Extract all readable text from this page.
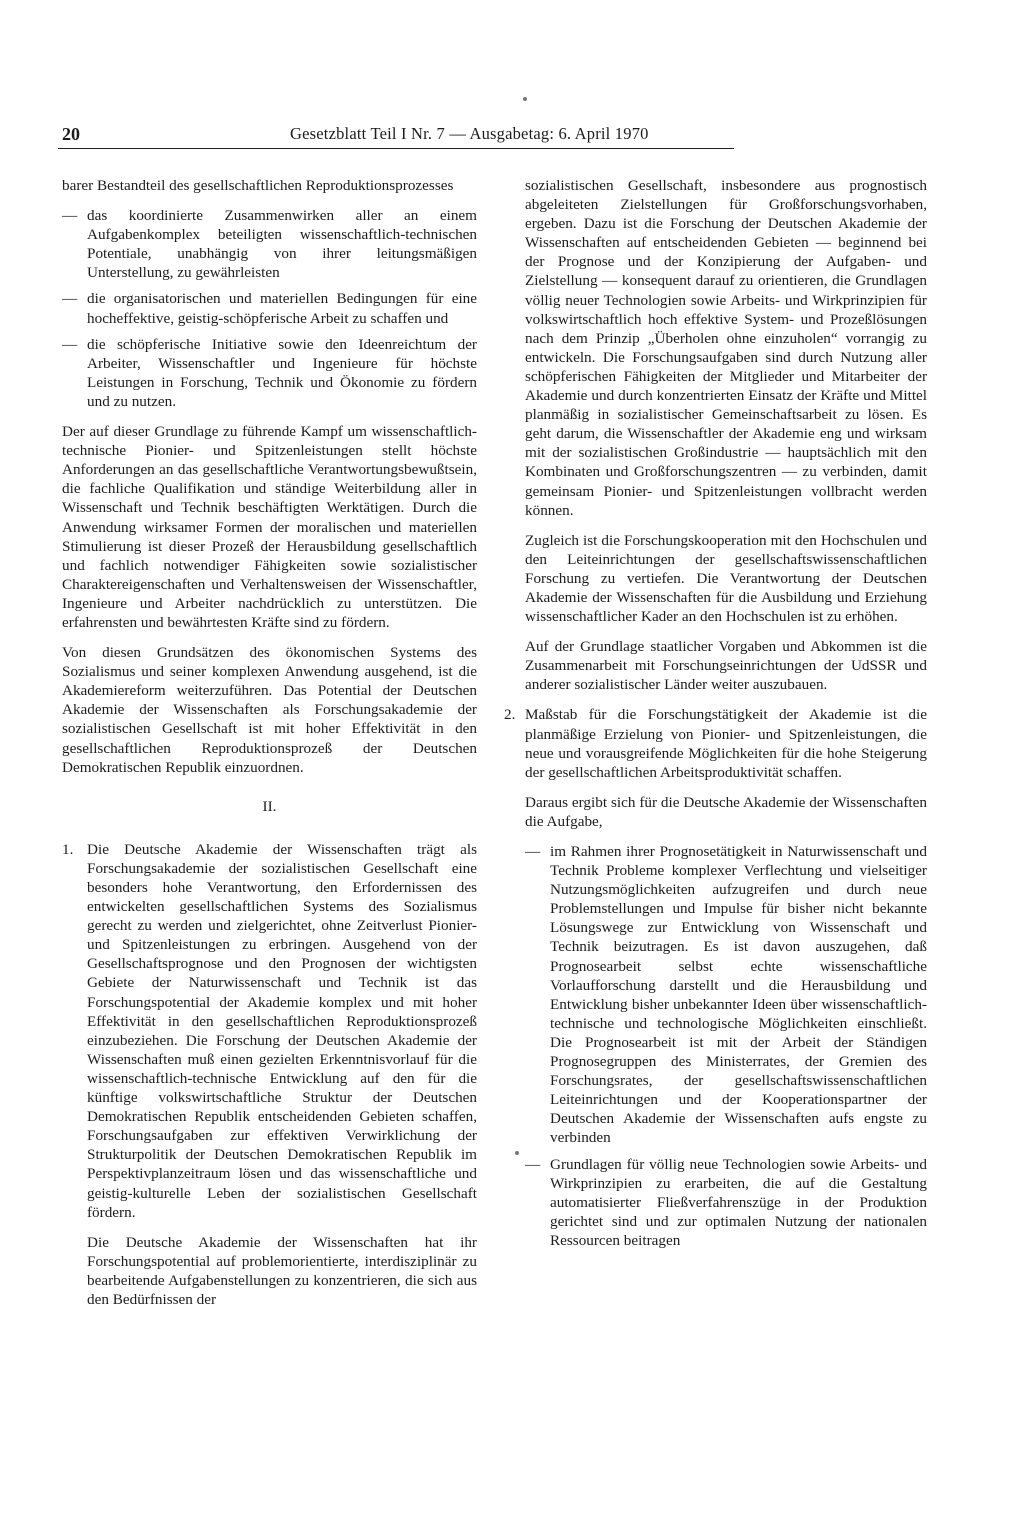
20	Gesetzblatt Teil I Nr. 7 — Ausgabetag: 6. April 1970

barer Bestandteil des gesellschaftlichen Reproduktionsprozesses

— das koordinierte Zusammenwirken aller an einem Aufgabenkomplex beteiligten wissenschaftlich-technischen Potentiale, unabhängig von ihrer leitungsmäßigen Unterstellung, zu gewährleisten
— die organisatorischen und materiellen Bedingungen für eine hocheffektive, geistig-schöpferische Arbeit zu schaffen und
— die schöpferische Initiative sowie den Ideenreichtum der Arbeiter, Wissenschaftler und Ingenieure für höchste Leistungen in Forschung, Technik und Ökonomie zu fördern und zu nutzen.

Der auf dieser Grundlage zu führende Kampf um wissenschaftlich-technische Pionier- und Spitzenleistungen stellt höchste Anforderungen an das gesellschaftliche Verantwortungsbewußtsein, die fachliche Qualifikation und ständige Weiterbildung aller in Wissenschaft und Technik beschäftigten Werktätigen. Durch die Anwendung wirksamer Formen der moralischen und materiellen Stimulierung ist dieser Prozeß der Herausbildung gesellschaftlich und fachlich notwendiger Fähigkeiten sowie sozialistischer Charaktereigenschaften und Verhaltensweisen der Wissenschaftler, Ingenieure und Arbeiter nachdrücklich zu unterstützen. Die erfahrensten und bewährtesten Kräfte sind zu fördern.

Von diesen Grundsätzen des ökonomischen Systems des Sozialismus und seiner komplexen Anwendung ausgehend, ist die Akademiereform weiterzuführen. Das Potential der Deutschen Akademie der Wissenschaften als Forschungsakademie der sozialistischen Gesellschaft ist mit hoher Effektivität in den gesellschaftlichen Reproduktionsprozeß der Deutschen Demokratischen Republik einzuordnen.

II.
1. Die Deutsche Akademie der Wissenschaften trägt als Forschungsakademie der sozialistischen Gesellschaft eine besonders hohe Verantwortung, den Erfordernissen des entwickelten gesellschaftlichen Systems des Sozialismus gerecht zu werden und zielgerichtet, ohne Zeitverlust Pionier- und Spitzenleistungen zu erbringen. Ausgehend von der Gesellschaftsprognose und den Prognosen der wichtigsten Gebiete der Naturwissenschaft und Technik ist das Forschungspotential der Akademie komplex und mit hoher Effektivität in den gesellschaftlichen Reproduktionsprozeß einzubeziehen. Die Forschung der Deutschen Akademie der Wissenschaften muß einen gezielten Erkenntnisvorlauf für die wissenschaftlich-technische Entwicklung auf den für die künftige volkswirtschaftliche Struktur der Deutschen Demokratischen Republik entscheidenden Gebieten schaffen, Forschungsaufgaben zur effektiven Verwirklichung der Strukturpolitik der Deutschen Demokratischen Republik im Perspektivplanzeitraum lösen und das wissenschaftliche und geistig-kulturelle Leben der sozialistischen Gesellschaft fördern.

Die Deutsche Akademie der Wissenschaften hat ihr Forschungspotential auf problemorientierte, interdisziplinär zu bearbeitende Aufgabenstellungen zu konzentrieren, die sich aus den Bedürfnissen der

sozialistischen Gesellschaft, insbesondere aus prognostisch abgeleiteten Zielstellungen für Großforschungsvorhaben, ergeben. Dazu ist die Forschung der Deutschen Akademie der Wissenschaften auf entscheidenden Gebieten — beginnend bei der Prognose und der Konzipierung der Aufgaben- und Zielstellung — konsequent darauf zu orientieren, die Grundlagen völlig neuer Technologien sowie Arbeits- und Wirkprinzipien für volkswirtschaftlich hoch effektive System- und Prozeßlösungen nach dem Prinzip „Überholen ohne einzuholen“ vorrangig zu entwickeln. Die Forschungsaufgaben sind durch Nutzung aller schöpferischen Fähigkeiten der Mitglieder und Mitarbeiter der Akademie und durch konzentrierten Einsatz der Kräfte und Mittel planmäßig in sozialistischer Gemeinschaftsarbeit zu lösen. Es geht darum, die Wissenschaftler der Akademie eng und wirksam mit der sozialistischen Großindustrie — hauptsächlich mit den Kombinaten und Großforschungszentren — zu verbinden, damit gemeinsam Pionier- und Spitzenleistungen vollbracht werden können.

Zugleich ist die Forschungskooperation mit den Hochschulen und den Leiteinrichtungen der gesellschaftswissenschaftlichen Forschung zu vertiefen. Die Verantwortung der Deutschen Akademie der Wissenschaften für die Ausbildung und Erziehung wissenschaftlicher Kader an den Hochschulen ist zu erhöhen.

Auf der Grundlage staatlicher Vorgaben und Abkommen ist die Zusammenarbeit mit Forschungseinrichtungen der UdSSR und anderer sozialistischer Länder weiter auszubauen.

2. Maßstab für die Forschungstätigkeit der Akademie ist die planmäßige Erzielung von Pionier- und Spitzenleistungen, die neue und vorausgreifende Möglichkeiten für die hohe Steigerung der gesellschaftlichen Arbeitsproduktivität schaffen.

Daraus ergibt sich für die Deutsche Akademie der Wissenschaften die Aufgabe,

— im Rahmen ihrer Prognosetätigkeit in Naturwissenschaft und Technik Probleme komplexer Verflechtung und vielseitiger Nutzungsmöglichkeiten aufzugreifen und durch neue Problemstellungen und Impulse für bisher nicht bekannte Lösungswege zur Entwicklung von Wissenschaft und Technik beizutragen. Es ist davon auszugehen, daß Prognosearbeit selbst echte wissenschaftliche Vorlaufforschung darstellt und die Herausbildung und Entwicklung bisher unbekannter Ideen über wissenschaftlich-technische und technologische Möglichkeiten einschließt. Die Prognosearbeit ist mit der Arbeit der Ständigen Prognosegruppen des Ministerrates, der Gremien des Forschungsrates, der gesellschaftswissenschaftlichen Leiteinrichtungen und der Kooperationspartner der Deutschen Akademie der Wissenschaften aufs engste zu verbinden
— Grundlagen für völlig neue Technologien sowie Arbeits- und Wirkprinzipien zu erarbeiten, die auf die Gestaltung automatisierter Fließverfahrenszüge in der Produktion gerichtet sind und zur optimalen Nutzung der nationalen Ressourcen beitragen
